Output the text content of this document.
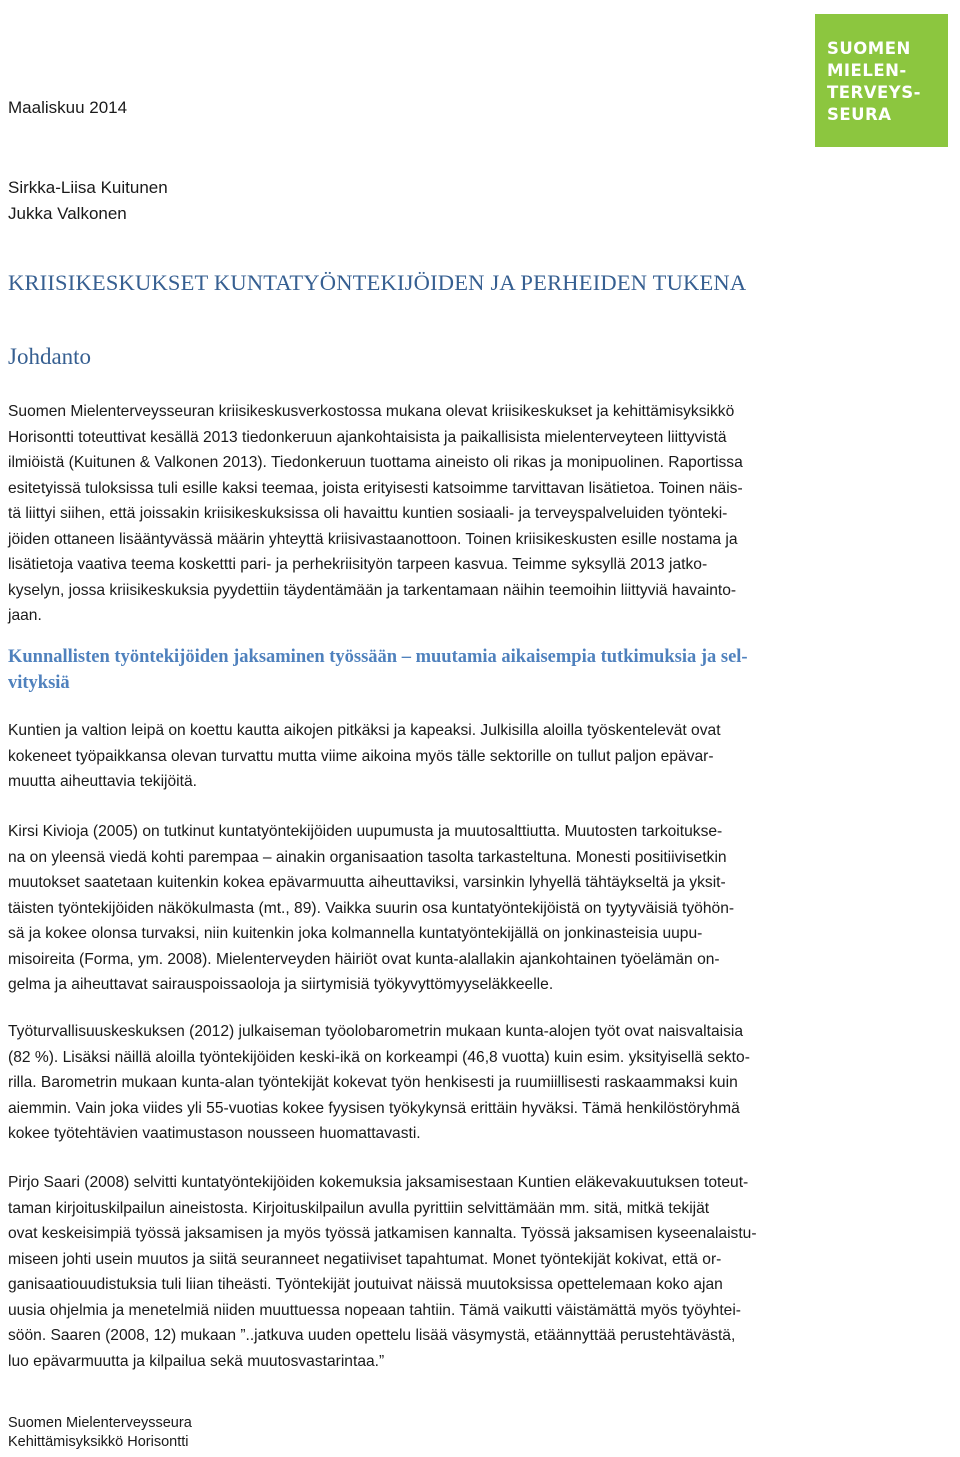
SUOMEN
MIELEN-
TERVEYS-
SEURA
Maaliskuu 2014
Sirkka-Liisa Kuitunen
Jukka Valkonen
KRIISIKESKUKSET KUNTATYÖNTEKIJÖIDEN JA PERHEIDEN TUKENA
Johdanto

Suomen Mielenterveysseuran kriisikeskusverkostossa mukana olevat kriisikeskukset ja kehittämisyksikkö
Horisontti toteuttivat kesällä 2013 tiedonkeruun ajankohtaisista ja paikallisista mielenterveyteen liittyvistä
ilmiöistä (Kuitunen & Valkonen 2013). Tiedonkeruun tuottama aineisto oli rikas ja monipuolinen. Raportissa
esitetyissä tuloksissa tuli esille kaksi teemaa, joista erityisesti katsoimme tarvittavan lisätietoa. Toinen näis-
tä liittyi siihen, että joissakin kriisikeskuksissa oli havaittu kuntien sosiaali- ja terveyspalveluiden työnteki-
jöiden ottaneen lisääntyvässä määrin yhteyttä kriisivastaanottoon. Toinen kriisikeskusten esille nostama ja
lisätietoja vaativa teema koskettti pari- ja perhekriisityön tarpeen kasvua. Teimme syksyllä 2013 jatko-
kyselyn, jossa kriisikeskuksia pyydettiin täydentämään ja tarkentamaan näihin teemoihin liittyviä havainto-
jaan.

Kunnallisten työntekijöiden jaksaminen työssään – muutamia aikaisempia tutkimuksia ja sel-
vityksiä

Kuntien ja valtion leipä on koettu kautta aikojen pitkäksi ja kapeaksi. Julkisilla aloilla työskentelevät ovat
kokeneet työpaikkansa olevan turvattu mutta viime aikoina myös tälle sektorille on tullut paljon epävar-
muutta aiheuttavia tekijöitä.

Kirsi Kivioja (2005) on tutkinut kuntatyöntekijöiden uupumusta ja muutosalttiutta. Muutosten tarkoitukse-
na on yleensä viedä kohti parempaa – ainakin organisaation tasolta tarkasteltuna. Monesti positiivisetkin
muutokset saatetaan kuitenkin kokea epävarmuutta aiheuttaviksi, varsinkin lyhyellä tähtäykseltä ja yksit-
täisten työntekijöiden näkökulmasta (mt., 89). Vaikka suurin osa kuntatyöntekijöistä on tyytyväisiä työhön-
sä ja kokee olonsa turvaksi, niin kuitenkin joka kolmannella kuntatyöntekijällä on jonkinasteisia uupu-
misoireita (Forma, ym. 2008). Mielenterveyden häiriöt ovat kunta-alallakin ajankohtainen työelämän on-
gelma ja aiheuttavat sairauspoissaoloja ja siirtymisiä työkyvyttömyyseläkkeelle.

Työturvallisuuskeskuksen (2012) julkaiseman työolobarometrin mukaan kunta-alojen työt ovat naisvaltaisia
(82 %). Lisäksi näillä aloilla työntekijöiden keski-ikä on korkeampi (46,8 vuotta) kuin esim. yksityisellä sekto-
rilla. Barometrin mukaan kunta-alan työntekijät kokevat työn henkisesti ja ruumiillisesti raskaammaksi kuin
aiemmin. Vain joka viides yli 55-vuotias kokee fyysisen työkykynsä erittäin hyväksi. Tämä henkilöstöryhmä
kokee työtehtävien vaatimustason nousseen huomattavasti.

Pirjo Saari (2008) selvitti kuntatyöntekijöiden kokemuksia jaksamisestaan Kuntien eläkevakuutuksen toteut-
taman kirjoituskilpailun aineistosta. Kirjoituskilpailun avulla pyrittiin selvittämään mm. sitä, mitkä tekijät
ovat keskeisimpiä työssä jaksamisen ja myös työssä jatkamisen kannalta. Työssä jaksamisen kyseenalaistu-
miseen johti usein muutos ja siitä seuranneet negatiiviset tapahtumat. Monet työntekijät kokivat, että or-
ganisaatiouudistuksia tuli liian tiheästi. Työntekijät joutuivat näissä muutoksissa opettelemaan koko ajan
uusia ohjelmia ja menetelmiä niiden muuttuessa nopeaan tahtiin. Tämä vaikutti väistämättä myös työyhtei-
söön. Saaren (2008, 12) mukaan ”..jatkuva uuden opettelu lisää väsymystä, etäännyttää perustehtävästä,
luo epävarmuutta ja kilpailua sekä muutosvastarintaa.”

Suomen Mielenterveysseura
Kehittämisyksikkö Horisontti
